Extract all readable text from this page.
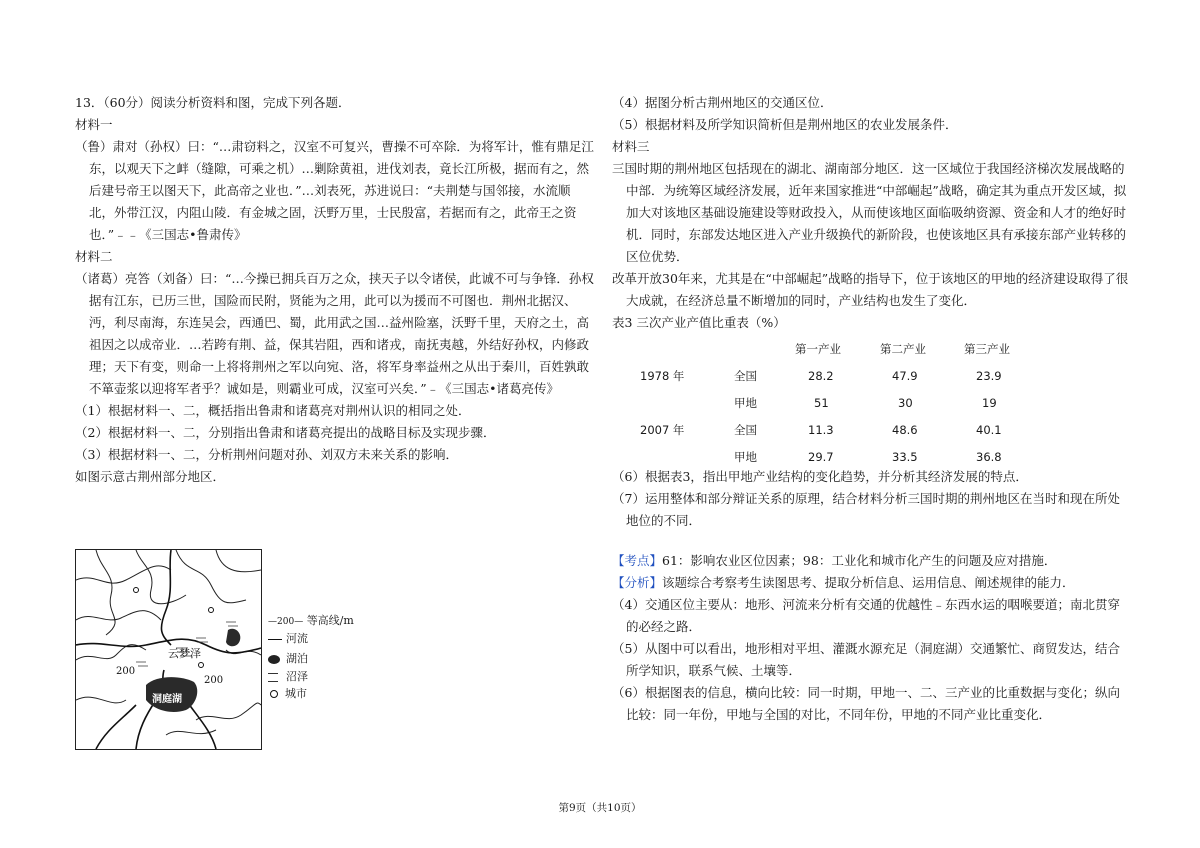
13．（60分）阅读分析资料和图，完成下列各题．

材料一

（鲁）肃对（孙权）曰：“…肃窃料之，汉室不可复兴，曹操不可卒除．为将军计，惟有鼎足江东，以观天下之衅（缝隙，可乘之机）…剿除黄祖，进伐刘表，竟长江所极，据而有之，然后建号帝王以图天下，此高帝之业也．”…刘表死，苏进说曰：“夫荆楚与国邻接，水流顺北，外带江汉，内阻山陵．有金城之固，沃野万里，士民殷富，若据而有之，此帝王之资也．”﹣﹣《三国志•鲁肃传》

材料二

（诸葛）亮答（刘备）曰：“…今操已拥兵百万之众，挟天子以令诸侯，此诚不可与争锋．孙权据有江东，已历三世，国险而民附，贤能为之用，此可以为援而不可图也．荆州北据汉、沔，利尽南海，东连吴会，西通巴、蜀，此用武之国…益州险塞，沃野千里，天府之土，高祖因之以成帝业．…若跨有荆、益，保其岩阻，西和诸戎，南抚夷越，外结好孙权，内修政理；天下有变，则命一上将将荆州之军以向宛、洛，将军身率益州之从出于秦川，百姓孰敢不箪壶浆以迎将军者乎？诚如是，则霸业可成，汉室可兴矣．”﹣《三国志•诸葛亮传》

（1）根据材料一、二，概括指出鲁肃和诸葛亮对荆州认识的相同之处．

（2）根据材料一、二，分别指出鲁肃和诸葛亮提出的战略目标及实现步骤．

（3）根据材料一、二，分析荆州问题对孙、刘双方未来关系的影响．

如图示意古荆州部分地区．

云梦泽
洞庭湖
200
200
—200— 等高线/m
河流
湖泊
沼泽
城市

（4）据图分析古荆州地区的交通区位．

（5）根据材料及所学知识简析但是荆州地区的农业发展条件．

材料三

三国时期的荆州地区包括现在的湖北、湖南部分地区．这一区域位于我国经济梯次发展战略的中部．为统筹区域经济发展，近年来国家推进“中部崛起”战略，确定其为重点开发区域，拟加大对该地区基础设施建设等财政投入，从而使该地区面临吸纳资源、资金和人才的绝好时机．同时，东部发达地区进入产业升级换代的新阶段，也使该地区具有承接东部产业转移的区位优势．

改革开放30年来，尤其是在“中部崛起”战略的指导下，位于该地区的甲地的经济建设取得了很大成就，在经济总量不断增加的同时，产业结构也发生了变化．

表3 三次产业产值比重表（%）

第一产业	第二产业	第三产业
1978 年	全国	28.2	47.9	23.9
甲地	51	30	19
2007 年	全国	11.3	48.6	40.1
甲地	29.7	33.5	36.8

（6）根据表3，指出甲地产业结构的变化趋势，并分析其经济发展的特点．

（7）运用整体和部分辩证关系的原理，结合材料分析三国时期的荆州地区在当时和现在所处地位的不同．

【考点】61：影响农业区位因素；98：工业化和城市化产生的问题及应对措施．

【分析】该题综合考察考生读图思考、提取分析信息、运用信息、阐述规律的能力．

（4）交通区位主要从：地形、河流来分析有交通的优越性﹣东西水运的咽喉要道；南北贯穿的必经之路．

（5）从图中可以看出，地形相对平坦、灌溉水源充足（洞庭湖）交通繁忙、商贸发达，结合所学知识，联系气候、土壤等．

（6）根据图表的信息，横向比较：同一时期，甲地一、二、三产业的比重数据与变化；纵向比较：同一年份，甲地与全国的对比，不同年份，甲地的不同产业比重变化．

第9页（共10页）
